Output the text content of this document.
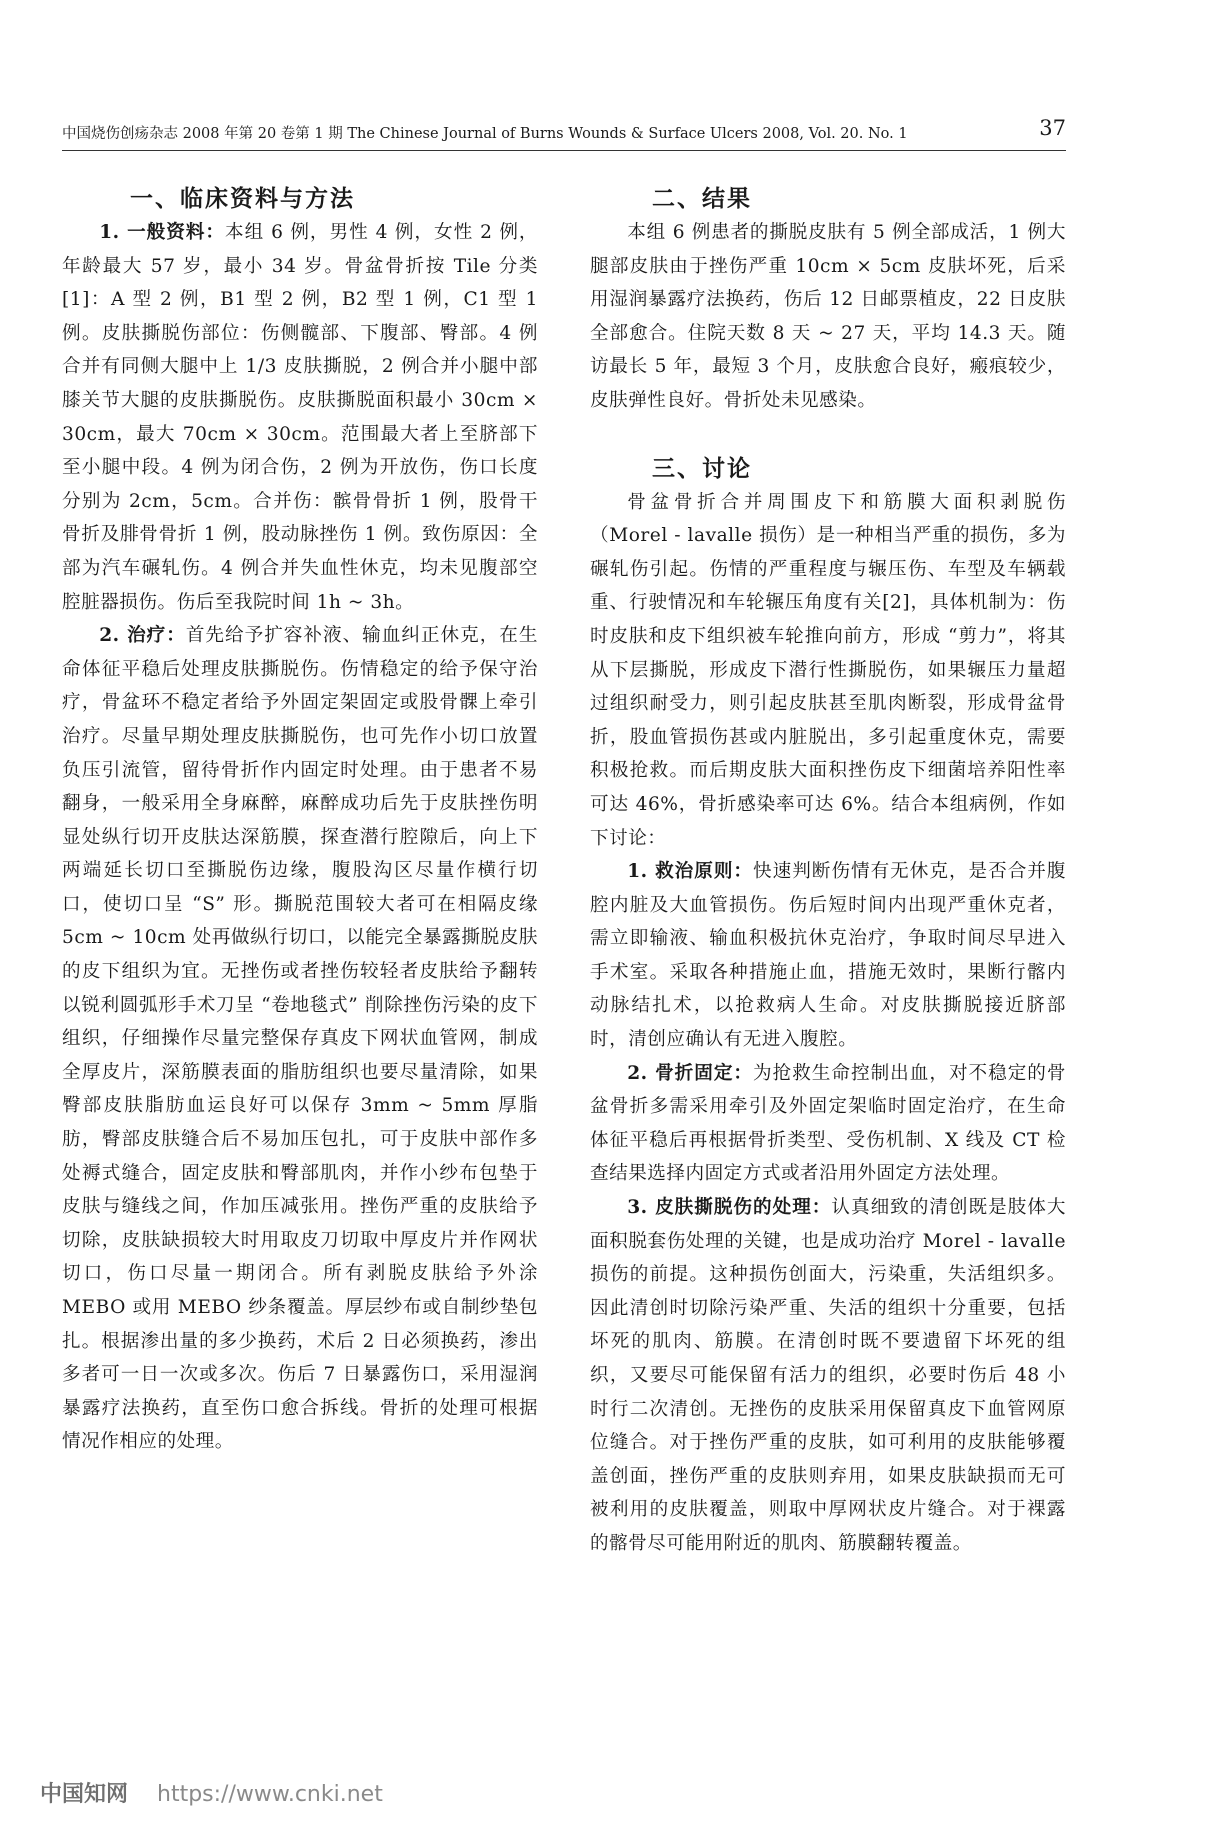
中国烧伤创疡杂志 2008 年第 20 卷第 1 期 The Chinese Journal of Burns Wounds & Surface Ulcers 2008, Vol. 20. No. 1	37
一、临床资料与方法

1. 一般资料：本组 6 例，男性 4 例，女性 2 例，年龄最大 57 岁，最小 34 岁。骨盆骨折按 Tile 分类[1]：A 型 2 例，B1 型 2 例，B2 型 1 例，C1 型 1 例。皮肤撕脱伤部位：伤侧髋部、下腹部、臀部。4 例合并有同侧大腿中上 1/3 皮肤撕脱，2 例合并小腿中部膝关节大腿的皮肤撕脱伤。皮肤撕脱面积最小 30cm × 30cm，最大 70cm × 30cm。范围最大者上至脐部下至小腿中段。4 例为闭合伤，2 例为开放伤，伤口长度分别为 2cm，5cm。合并伤：髌骨骨折 1 例，股骨干骨折及腓骨骨折 1 例，股动脉挫伤 1 例。致伤原因：全部为汽车碾轧伤。4 例合并失血性休克，均未见腹部空腔脏器损伤。伤后至我院时间 1h ~ 3h。

2. 治疗：首先给予扩容补液、输血纠正休克，在生命体征平稳后处理皮肤撕脱伤。伤情稳定的给予保守治疗，骨盆环不稳定者给予外固定架固定或股骨髁上牵引治疗。尽量早期处理皮肤撕脱伤，也可先作小切口放置负压引流管，留待骨折作内固定时处理。由于患者不易翻身，一般采用全身麻醉，麻醉成功后先于皮肤挫伤明显处纵行切开皮肤达深筋膜，探查潜行腔隙后，向上下两端延长切口至撕脱伤边缘，腹股沟区尽量作横行切口，使切口呈 “S” 形。撕脱范围较大者可在相隔皮缘 5cm ~ 10cm 处再做纵行切口，以能完全暴露撕脱皮肤的皮下组织为宜。无挫伤或者挫伤较轻者皮肤给予翻转以锐利圆弧形手术刀呈 “卷地毯式” 削除挫伤污染的皮下组织，仔细操作尽量完整保存真皮下网状血管网，制成全厚皮片，深筋膜表面的脂肪组织也要尽量清除，如果臀部皮肤脂肪血运良好可以保存 3mm ~ 5mm 厚脂肪，臀部皮肤缝合后不易加压包扎，可于皮肤中部作多处褥式缝合，固定皮肤和臀部肌肉，并作小纱布包垫于皮肤与缝线之间，作加压减张用。挫伤严重的皮肤给予切除，皮肤缺损较大时用取皮刀切取中厚皮片并作网状切口，伤口尽量一期闭合。所有剥脱皮肤给予外涂 MEBO 或用 MEBO 纱条覆盖。厚层纱布或自制纱垫包扎。根据渗出量的多少换药，术后 2 日必须换药，渗出多者可一日一次或多次。伤后 7 日暴露伤口，采用湿润暴露疗法换药，直至伤口愈合拆线。骨折的处理可根据情况作相应的处理。

二、结果

本组 6 例患者的撕脱皮肤有 5 例全部成活，1 例大腿部皮肤由于挫伤严重 10cm × 5cm 皮肤坏死，后采用湿润暴露疗法换药，伤后 12 日邮票植皮，22 日皮肤全部愈合。住院天数 8 天 ~ 27 天，平均 14.3 天。随访最长 5 年，最短 3 个月，皮肤愈合良好，瘢痕较少，皮肤弹性良好。骨折处未见感染。

三、讨论

骨盆骨折合并周围皮下和筋膜大面积剥脱伤（Morel - lavalle 损伤）是一种相当严重的损伤，多为碾轧伤引起。伤情的严重程度与辗压伤、车型及车辆载重、行驶情况和车轮辗压角度有关[2]，具体机制为：伤时皮肤和皮下组织被车轮推向前方，形成 “剪力”，将其从下层撕脱，形成皮下潜行性撕脱伤，如果辗压力量超过组织耐受力，则引起皮肤甚至肌肉断裂，形成骨盆骨折，股血管损伤甚或内脏脱出，多引起重度休克，需要积极抢救。而后期皮肤大面积挫伤皮下细菌培养阳性率可达 46%，骨折感染率可达 6%。结合本组病例，作如下讨论：

1. 救治原则：快速判断伤情有无休克，是否合并腹腔内脏及大血管损伤。伤后短时间内出现严重休克者，需立即输液、输血积极抗休克治疗，争取时间尽早进入手术室。采取各种措施止血，措施无效时，果断行髂内动脉结扎术，以抢救病人生命。对皮肤撕脱接近脐部时，清创应确认有无进入腹腔。

2. 骨折固定：为抢救生命控制出血，对不稳定的骨盆骨折多需采用牵引及外固定架临时固定治疗，在生命体征平稳后再根据骨折类型、受伤机制、X 线及 CT 检查结果选择内固定方式或者沿用外固定方法处理。

3. 皮肤撕脱伤的处理：认真细致的清创既是肢体大面积脱套伤处理的关键，也是成功治疗 Morel - lavalle 损伤的前提。这种损伤创面大，污染重，失活组织多。因此清创时切除污染严重、失活的组织十分重要，包括坏死的肌肉、筋膜。在清创时既不要遗留下坏死的组织，又要尽可能保留有活力的组织，必要时伤后 48 小时行二次清创。无挫伤的皮肤采用保留真皮下血管网原位缝合。对于挫伤严重的皮肤，如可利用的皮肤能够覆盖创面，挫伤严重的皮肤则弃用，如果皮肤缺损而无可被利用的皮肤覆盖，则取中厚网状皮片缝合。对于裸露的髂骨尽可能用附近的肌肉、筋膜翻转覆盖。

中国知网 https://www.cnki.net
